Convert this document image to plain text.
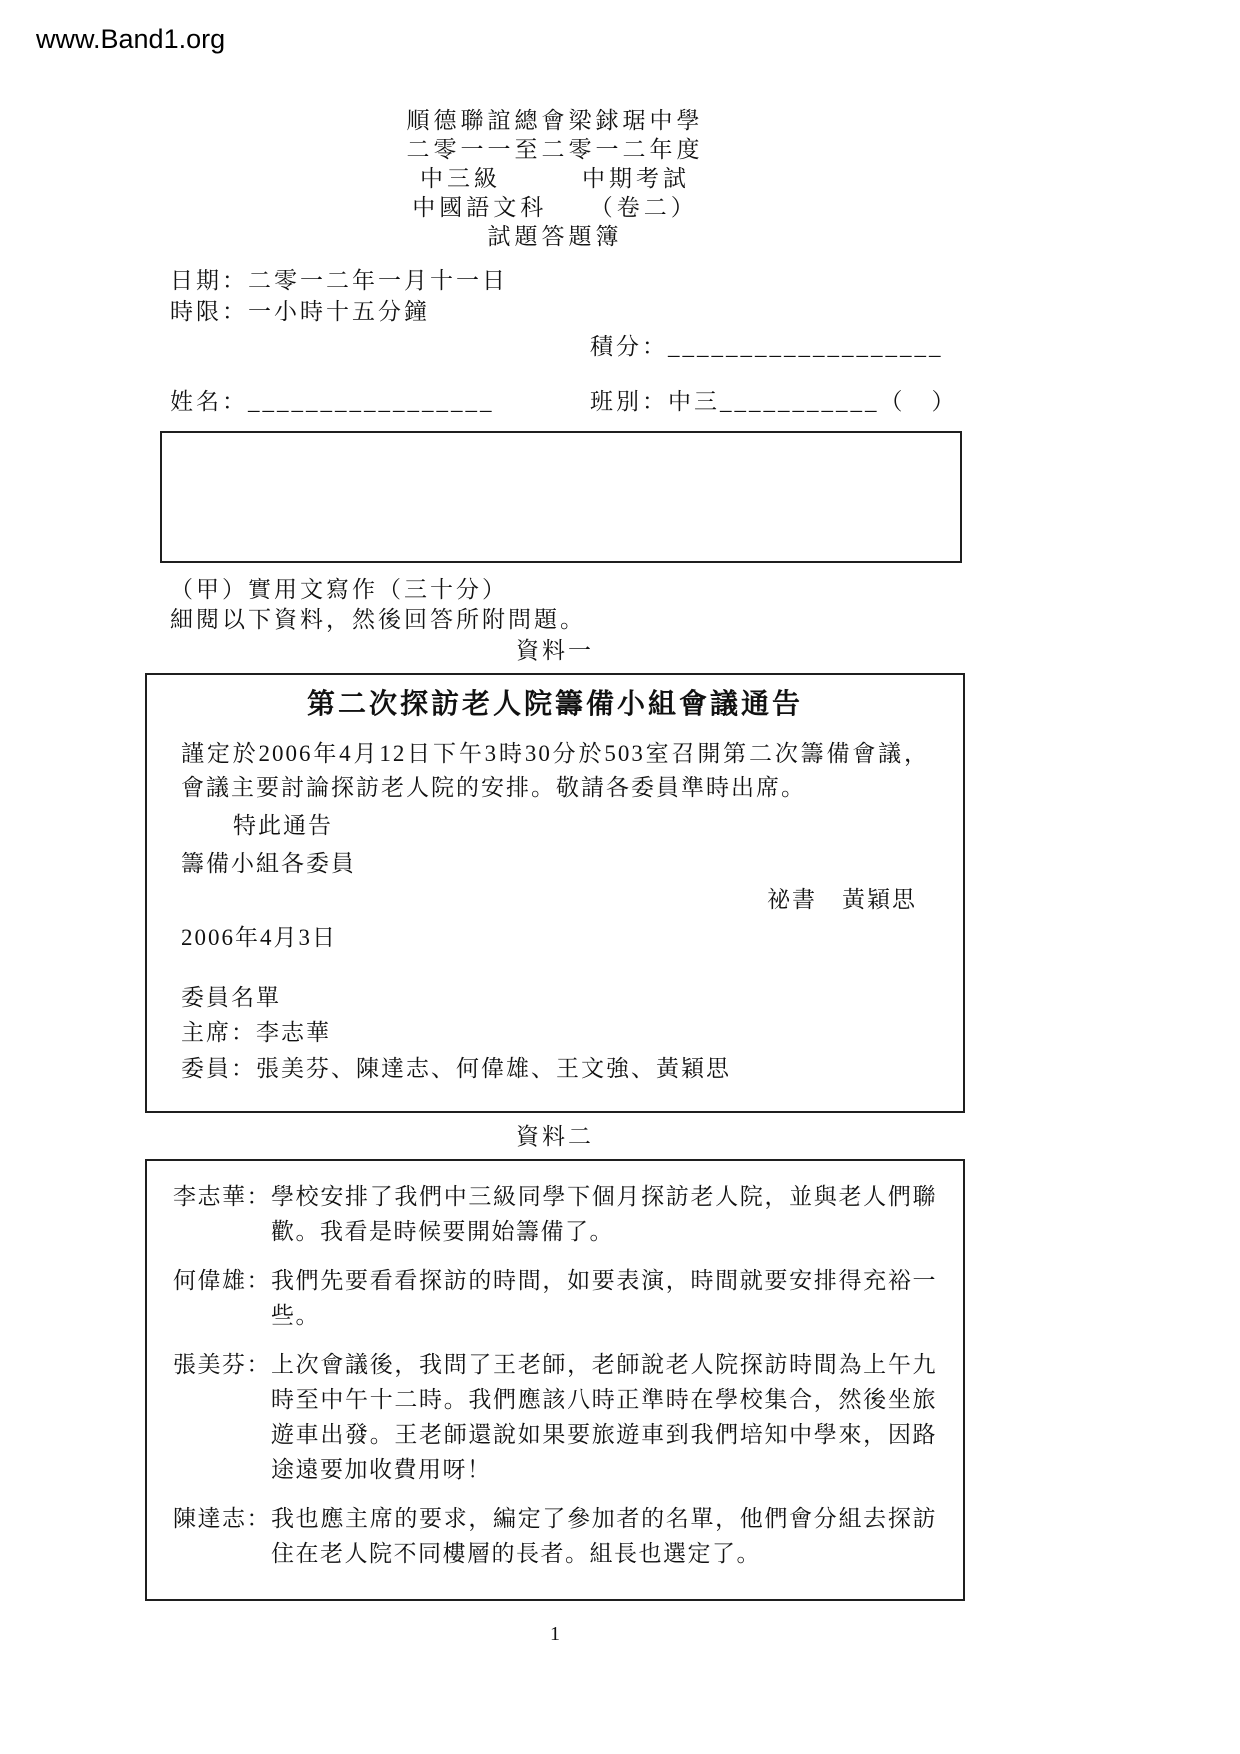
www.Band1.org
順德聯誼總會梁銶琚中學
二零一一至二零一二年度
中三級　　　中期考試
中國語文科　　（卷二）
試題答題簿
日期：二零一二年一月十一日
時限：一小時十五分鐘
積分：___________________
姓名：_________________	班別：中三___________（　）
（甲）實用文寫作（三十分）
細閱以下資料，然後回答所附問題。
資料一
第二次探訪老人院籌備小組會議通告
謹定於2006年4月12日下午3時30分於503室召開第二次籌備會議，會議主要討論探訪老人院的安排。敬請各委員準時出席。
特此通告
籌備小組各委員
祕書　黃穎思
2006年4月3日
委員名單
主席：李志華
委員：張美芬、陳達志、何偉雄、王文強、黃穎思
資料二
李志華： 學校安排了我們中三級同學下個月探訪老人院，並與老人們聯歡。我看是時候要開始籌備了。
何偉雄： 我們先要看看探訪的時間，如要表演，時間就要安排得充裕一些。
張美芬： 上次會議後，我問了王老師，老師說老人院探訪時間為上午九時至中午十二時。我們應該八時正準時在學校集合，然後坐旅遊車出發。王老師還說如果要旅遊車到我們培知中學來，因路途遠要加收費用呀！
陳達志： 我也應主席的要求，編定了參加者的名單，他們會分組去探訪住在老人院不同樓層的長者。組長也選定了。
1
